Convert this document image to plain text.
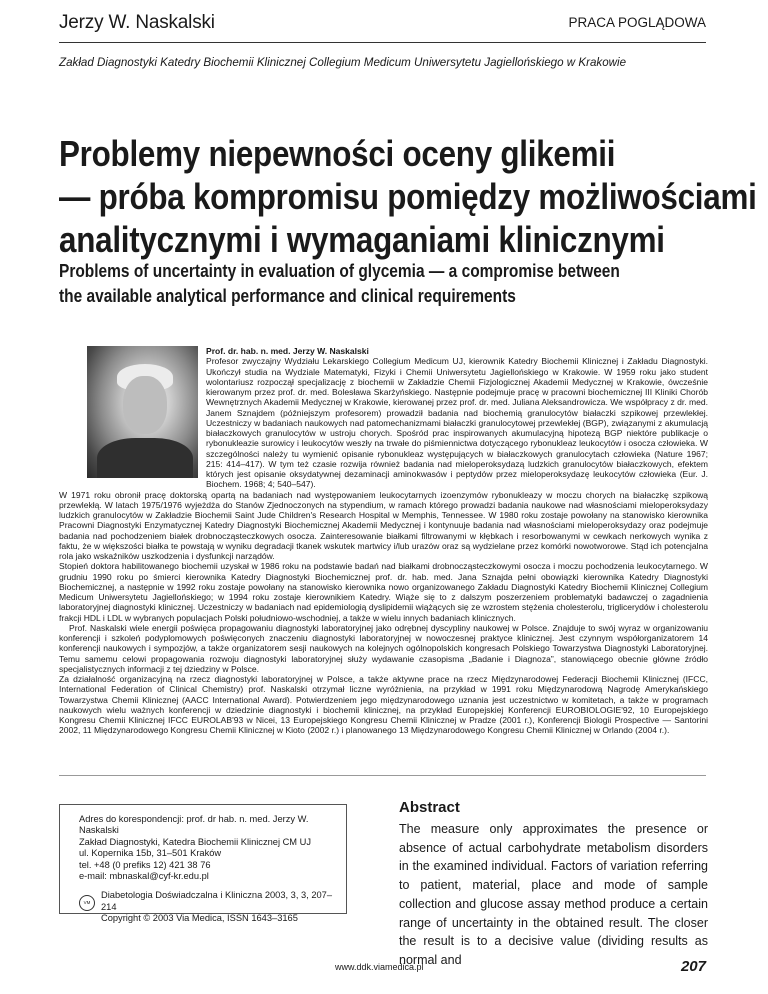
Jerzy W. Naskalski	PRACA POGLĄDOWA
Zakład Diagnostyki Katedry Biochemii Klinicznej Collegium Medicum Uniwersytetu Jagiellońskiego w Krakowie
Problemy niepewności oceny glikemii
— próba kompromisu pomiędzy możliwościami
analitycznymi i wymaganiami klinicznymi
Problems of uncertainty in evaluation of glycemia — a compromise between
the available analytical performance and clinical requirements

Prof. dr. hab. n. med. Jerzy W. Naskalski

Profesor zwyczajny Wydziału Lekarskiego Collegium Medicum UJ, kierownik Katedry Biochemii Klinicznej i Zakładu Diagnostyki. Ukończył studia na Wydziale Matematyki, Fizyki i Chemii Uniwersytetu Jagiellońskiego w Krakowie. W 1959 roku jako student wolontariusz rozpoczął specjalizację z biochemii w Zakładzie Chemii Fizjologicznej Akademii Medycznej w Krakowie, ówcześnie kierowanym przez prof. dr. med. Bolesława Skarżyńskiego. Następnie podejmuje pracę w pracowni biochemicznej III Kliniki Chorób Wewnętrznych Akademii Medycznej w Krakowie, kierowanej przez prof. dr. med. Juliana Aleksandrowicza. We współpracy z dr. med. Janem Sznajdem (późniejszym profesorem) prowadził badania nad biochemią granulocytów białaczki szpikowej przewlekłej. Uczestniczy w badaniach naukowych nad patomechanizmami białaczki granulocytowej przewlekłej (BGP), związanymi z akumulacją białaczkowych granulocytów w ustroju chorych. Spośród prac inspirowanych akumulacyjną hipotezą BGP niektóre publikacje o rybonukleazie surowicy i leukocytów weszły na trwałe do piśmiennictwa dotyczącego rybonukleaz leukocytów i osocza człowieka. W szczególności należy tu wymienić opisanie rybonukleaz występujących w białaczkowych granulocytach człowieka (Nature 1967; 215: 414–417). W tym też czasie rozwija również badania nad mieloperoksydazą ludzkich granulocytów białaczkowych, efektem których jest opisanie oksydatywnej dezaminacji aminokwasów i peptydów przez mieloperoksydazę leukocytów człowieka (Eur. J. Biochem. 1968; 4; 540–547).

W 1971 roku obronił pracę doktorską opartą na badaniach nad występowaniem leukocytarnych izoenzymów rybonukleazy w moczu chorych na białaczkę szpikową przewlekłą. W latach 1975/1976 wyjeżdża do Stanów Zjednoczonych na stypendium, w ramach którego prowadzi badania naukowe nad własnościami mieloperoksydazy ludzkich granulocytów w Zakładzie Biochemii Saint Jude Children's Research Hospital w Memphis, Tennessee. W 1980 roku zostaje powołany na stanowisko kierownika Pracowni Diagnostyki Enzymatycznej Katedry Diagnostyki Biochemicznej Akademii Medycznej i kontynuuje badania nad własnościami mieloperoksydazy oraz podejmuje badania nad pochodzeniem białek drobnocząsteczkowych osocza. Zainteresowanie białkami filtrowanymi w kłębkach i resorbowanymi w cewkach nerkowych wynika z faktu, że w większości białka te powstają w wyniku degradacji tkanek wskutek martwicy i/lub urazów oraz są wydzielane przez komórki nowotworowe. Stąd ich potencjalna rola jako wskaźników uszkodzenia i dysfunkcji narządów.

Stopień doktora habilitowanego biochemii uzyskał w 1986 roku na podstawie badań nad białkami drobnocząsteczkowymi osocza i moczu pochodzenia leukocytarnego. W grudniu 1990 roku po śmierci kierownika Katedry Diagnostyki Biochemicznej prof. dr. hab. med. Jana Sznajda pełni obowiązki kierownika Katedry Diagnostyki Biochemicznej, a następnie w 1992 roku zostaje powołany na stanowisko kierownika nowo organizowanego Zakładu Diagnostyki Katedry Biochemii Klinicznej Collegium Medicum Uniwersytetu Jagiellońskiego; w 1994 roku zostaje kierownikiem Katedry. Wiąże się to z dalszym poszerzeniem problematyki badawczej o zagadnienia laboratoryjnej diagnostyki klinicznej. Uczestniczy w badaniach nad epidemiologią dyslipidemii wiążących się ze wzrostem stężenia cholesterolu, triglicerydów i cholesterolu frakcji HDL i LDL w wybranych populacjach Polski południowo-wschodniej, a także w wielu innych badaniach klinicznych.

Prof. Naskalski wiele energii poświęca propagowaniu diagnostyki laboratoryjnej jako odrębnej dyscypliny naukowej w Polsce. Znajduje to swój wyraz w organizowaniu konferencji i szkoleń podyplomowych poświęconych znaczeniu diagnostyki laboratoryjnej w nowoczesnej praktyce klinicznej. Jest czynnym współorganizatorem 14 konferencji naukowych i sympozjów, a także organizatorem sesji naukowych na kolejnych ogólnopolskich kongresach Polskiego Towarzystwa Diagnostyki Laboratoryjnej. Temu samemu celowi propagowania rozwoju diagnostyki laboratoryjnej służy wydawanie czasopisma „Badanie i Diagnoza”, stanowiącego obecnie główne źródło specjalistycznych informacji z tej dziedziny w Polsce.

Za działalność organizacyjną na rzecz diagnostyki laboratoryjnej w Polsce, a także aktywne prace na rzecz Międzynarodowej Federacji Biochemii Klinicznej (IFCC, International Federation of Clinical Chemistry) prof. Naskalski otrzymał liczne wyróżnienia, na przykład w 1991 roku Międzynarodową Nagrodę Amerykańskiego Towarzystwa Chemii Klinicznej (AACC International Award). Potwierdzeniem jego międzynarodowego uznania jest uczestnictwo w komitetach, a także w programach naukowych wielu ważnych konferencji w dziedzinie diagnostyki i biochemii klinicznej, na przykład Europejskiej Konferencji EUROBIOLOGIE'92, 10 Europejskiego Kongresu Chemii Klinicznej IFCC EUROLAB'93 w Nicei, 13 Europejskiego Kongresu Chemii Klinicznej w Pradze (2001 r.), Konferencji Biologii Prospective — Santorini 2002, 11 Międzynarodowego Kongresu Chemii Klinicznej w Kioto (2002 r.) i planowanego 13 Międzynarodowego Kongresu Chemii Klinicznej w Orlando (2004 r.).

Adres do korespondencji: prof. dr hab. n. med. Jerzy W. Naskalski
Zakład Diagnostyki, Katedra Biochemii Klinicznej CM UJ
ul. Kopernika 15b, 31–501 Kraków
tel. +48 (0 prefiks 12) 421 38 76
e-mail: mbnaskal@cyf-kr.edu.pl
VM
Diabetologia Doświadczalna i Kliniczna 2003, 3, 3, 207–214
Copyright © 2003 Via Medica, ISSN 1643–3165
Abstract
The measure only approximates the presence or absence of actual carbohydrate metabolism disorders in the examined individual. Factors of variation referring to patient, material, place and mode of sample collection and glucose assay method produce a certain range of uncertainty in the obtained result. The closer the result is to a decisive value (dividing results as normal and
www.ddk.viamedica.pl	207
